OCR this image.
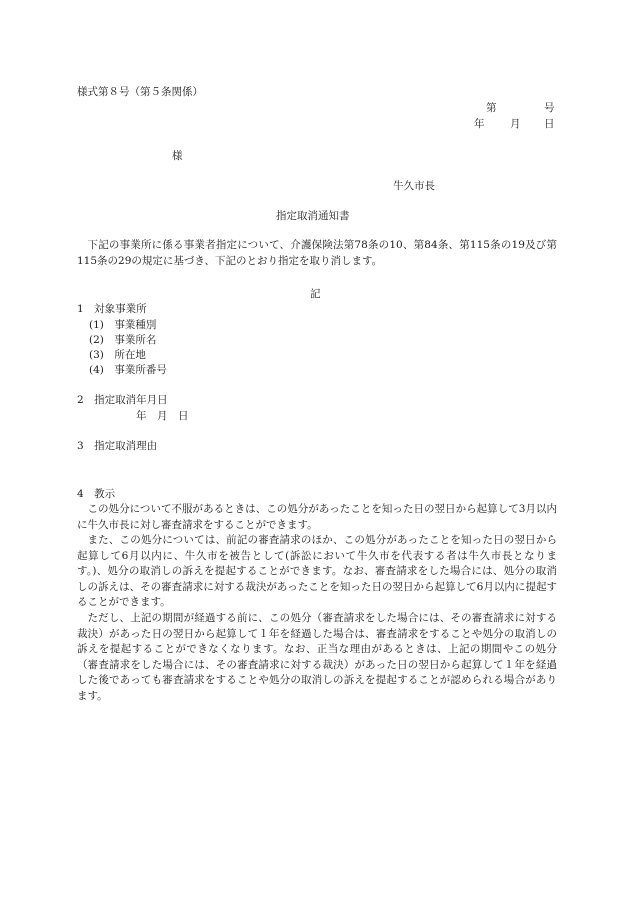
様式第８号（第５条関係）
第	号
年 月 日
様
牛久市長
指定取消通知書
下記の事業所に係る事業者指定について、介護保険法第78条の10、第84条、第115条の19及び第115条の29の規定に基づき、下記のとおり指定を取り消します。
記
1　対象事業所
(1)　事業種別
(2)　事業所名
(3)　所在地
(4)　事業所番号
2　指定取消年月日
年　月　日
3　指定取消理由
4　教示
この処分について不服があるときは、この処分があったことを知った日の翌日から起算して3月以内に牛久市長に対し審査請求をすることができます。
また、この処分については、前記の審査請求のほか、この処分があったことを知った日の翌日から起算して6月以内に、牛久市を被告として(訴訟において牛久市を代表する者は牛久市長となります。)、処分の取消しの訴えを提起することができます。なお、審査請求をした場合には、処分の取消しの訴えは、その審査請求に対する裁決があったことを知った日の翌日から起算して6月以内に提起することができます。
ただし、上記の期間が経過する前に、この処分（審査請求をした場合には、その審査請求に対する裁決）があった日の翌日から起算して１年を経過した場合は、審査請求をすることや処分の取消しの訴えを提起することができなくなります。なお、正当な理由があるときは、上記の期間やこの処分（審査請求をした場合には、その審査請求に対する裁決）があった日の翌日から起算して１年を経過した後であっても審査請求をすることや処分の取消しの訴えを提起することが認められる場合があります。
